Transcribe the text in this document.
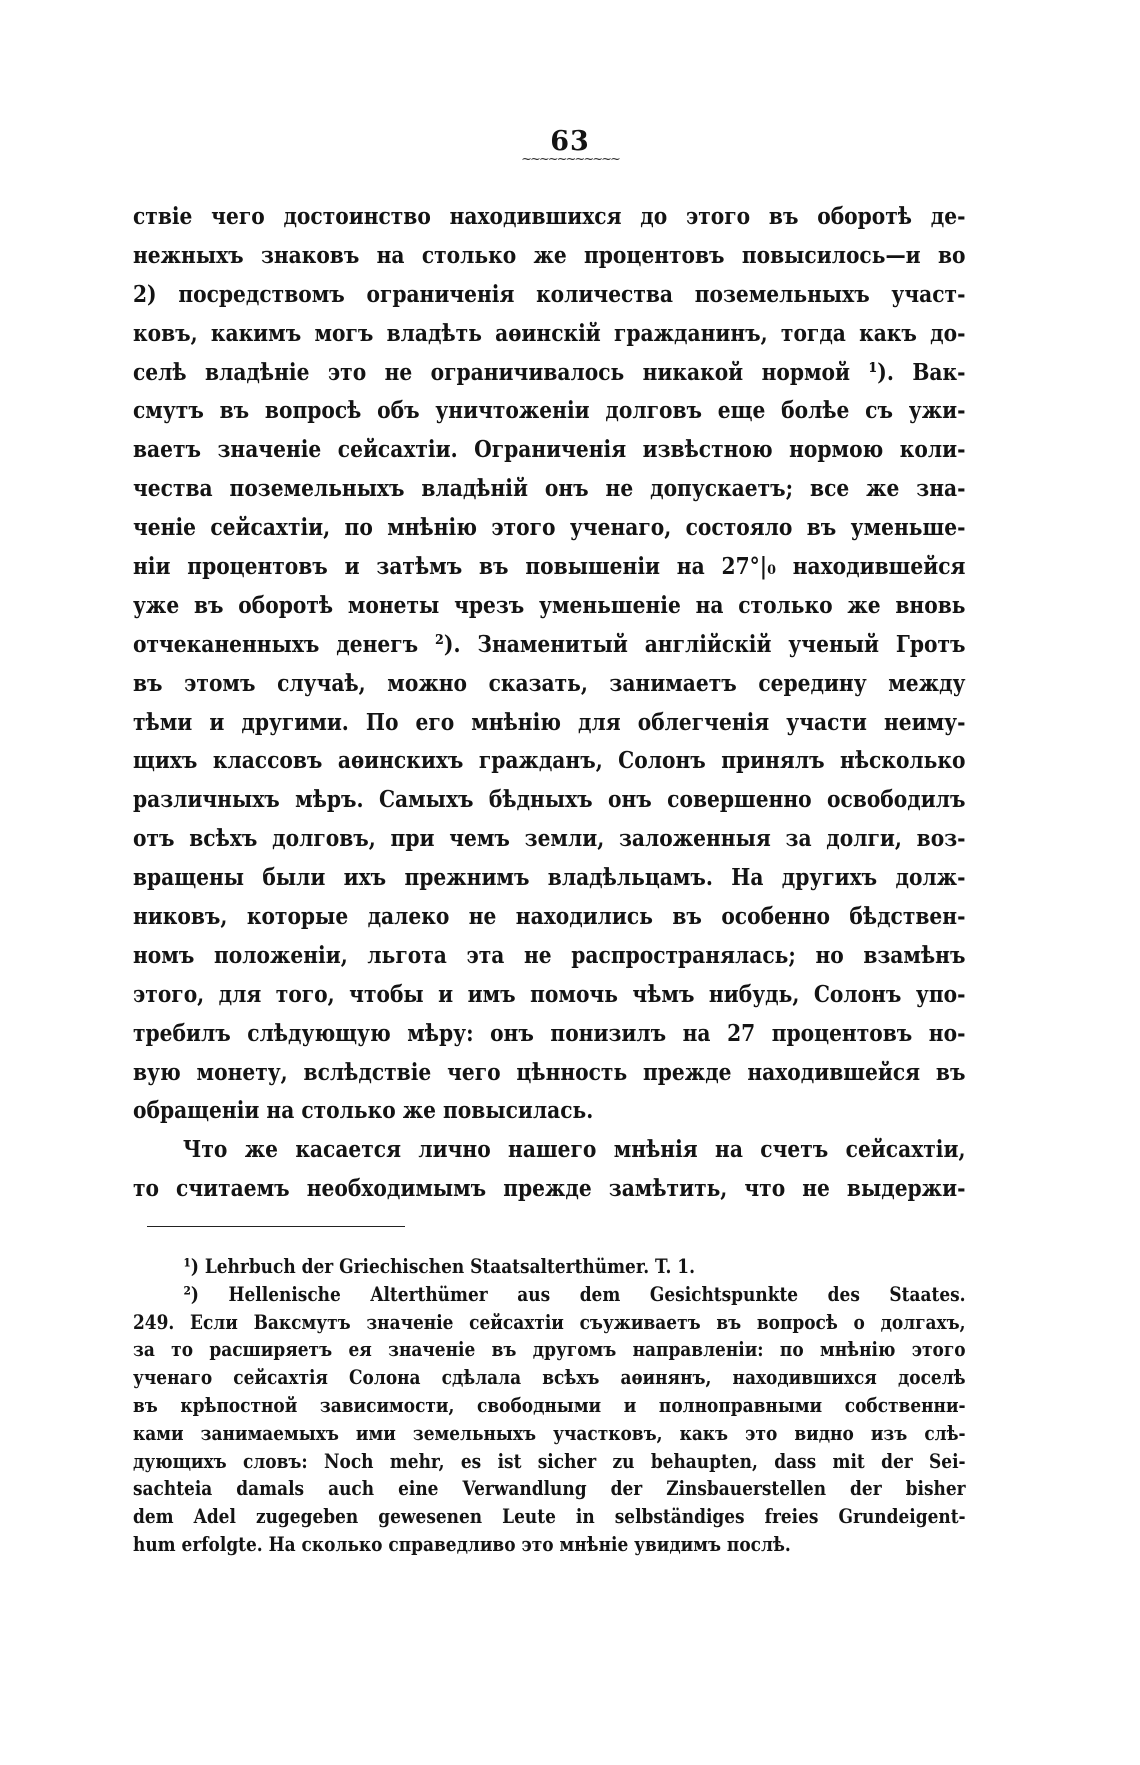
63
~~~~~~~~~~~
ствіе чего достоинство находившихся до этого въ оборотѣ де-
нежныхъ знаковъ на столько же процентовъ повысилось—и во
2) посредствомъ ограниченія количества поземельныхъ участ-
ковъ, какимъ могъ владѣть аѳинскій гражданинъ, тогда какъ до-
селѣ владѣніе это не ограничивалось никакой нормой ¹). Вак-
смутъ въ вопросѣ объ уничтоженіи долговъ еще болѣе съ ужи-
ваетъ значеніе сейсахтіи. Ограниченія извѣстною нормою коли-
чества поземельныхъ владѣній онъ не допускаетъ; все же зна-
ченіе сейсахтіи, по мнѣнію этого ученаго, состояло въ уменьше-
ніи процентовъ и затѣмъ въ повышеніи на 27°|₀ находившейся
уже въ оборотѣ монеты чрезъ уменьшеніе на столько же вновь
отчеканенныхъ денегъ ²). Знаменитый англійскій ученый Гротъ
въ этомъ случаѣ, можно сказать, занимаетъ середину между
тѣми и другими. По его мнѣнію для облегченія участи неиму-
щихъ классовъ аѳинскихъ гражданъ, Солонъ принялъ нѣсколько
различныхъ мѣръ. Самыхъ бѣдныхъ онъ совершенно освободилъ
отъ всѣхъ долговъ, при чемъ земли, заложенныя за долги, воз-
вращены были ихъ прежнимъ владѣльцамъ. На другихъ долж-
никовъ, которые далеко не находились въ особенно бѣдствен-
номъ положеніи, льгота эта не распространялась; но взамѣнъ
этого, для того, чтобы и имъ помочь чѣмъ нибудь, Солонъ упо-
требилъ слѣдующую мѣру: онъ понизилъ на 27 процентовъ но-
вую монету, вслѣдствіе чего цѣнность прежде находившейся въ
обращеніи на столько же повысилась.
Что же касается лично нашего мнѣнія на счетъ сейсахтіи,
то считаемъ необходимымъ прежде замѣтить, что не выдержи-
¹) Lehrbuch der Griechischen Staatsalterthümer. T. 1.
²) Hellenische Alterthümer aus dem Gesichtspunkte des Staates.
249. Если Ваксмутъ значеніе сейсахтіи съуживаетъ въ вопросѣ о долгахъ,
за то расширяетъ ея значеніе въ другомъ направленіи: по мнѣнію этого
ученаго сейсахтія Солона сдѣлала всѣхъ аѳинянъ, находившихся доселѣ
въ крѣпостной зависимости, свободными и полноправными собственни-
ками занимаемыхъ ими земельныхъ участковъ, какъ это видно изъ слѣ-
дующихъ словъ: Noch mehr, es ist sicher zu behaupten, dass mit der Sei-
sachteia damals auch eine Verwandlung der Zinsbauerstellen der bisher
dem Adel zugegeben gewesenen Leute in selbständiges freies Grundeigent-
hum erfolgte. На сколько справедливо это мнѣніе увидимъ послѣ.
